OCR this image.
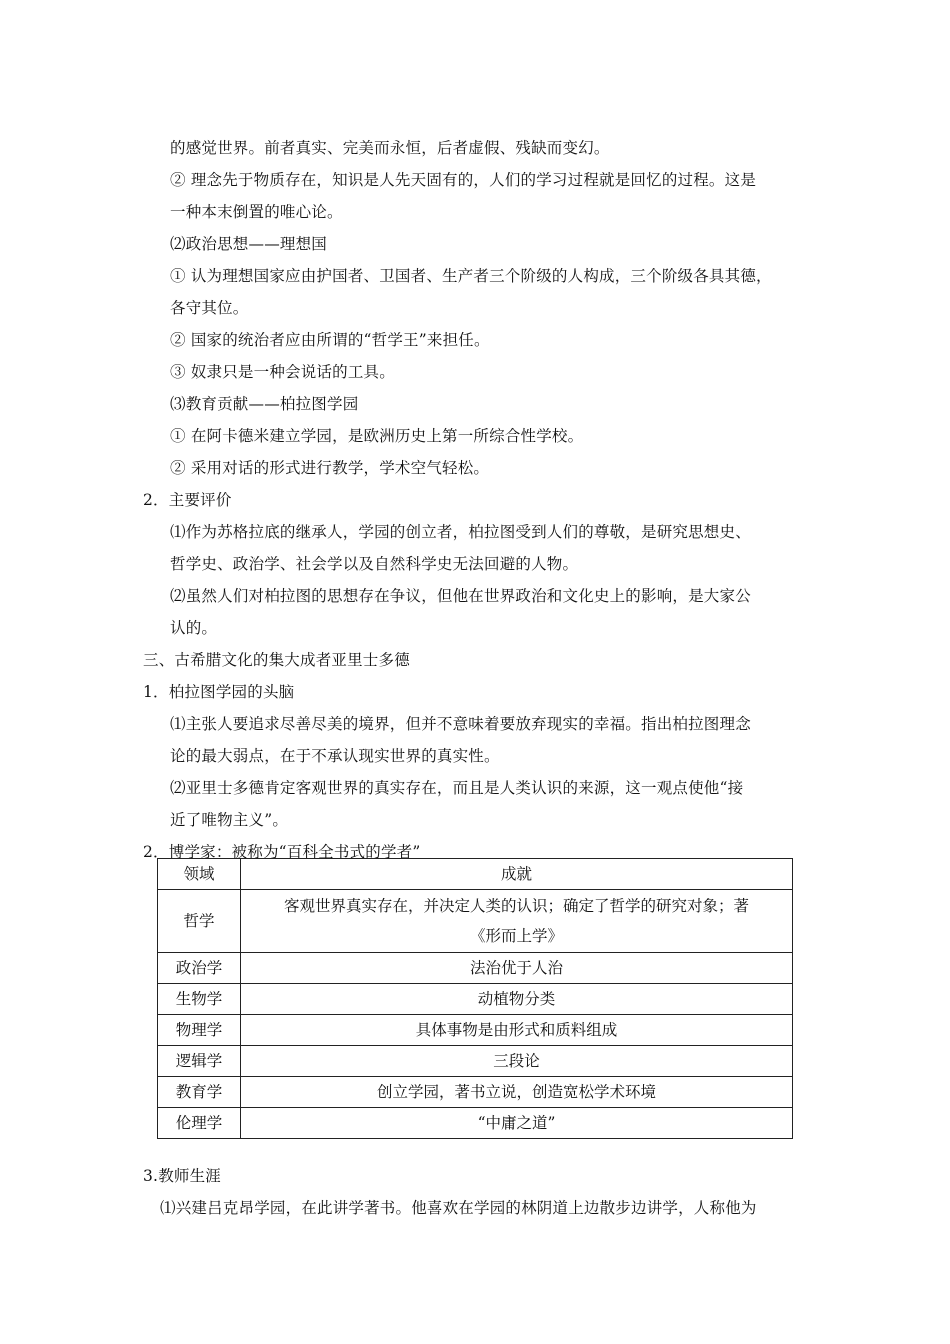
的感觉世界。前者真实、完美而永恒，后者虚假、残缺而变幻。
② 理念先于物质存在，知识是人先天固有的，人们的学习过程就是回忆的过程。这是
一种本末倒置的唯心论。
⑵政治思想——理想国
① 认为理想国家应由护国者、卫国者、生产者三个阶级的人构成，三个阶级各具其德，
各守其位。
② 国家的统治者应由所谓的“哲学王”来担任。
③ 奴隶只是一种会说话的工具。
⑶教育贡献——柏拉图学园
① 在阿卡德米建立学园，是欧洲历史上第一所综合性学校。
② 采用对话的形式进行教学，学术空气轻松。
2．主要评价
⑴作为苏格拉底的继承人，学园的创立者，柏拉图受到人们的尊敬，是研究思想史、
哲学史、政治学、社会学以及自然科学史无法回避的人物。
⑵虽然人们对柏拉图的思想存在争议，但他在世界政治和文化史上的影响，是大家公
认的。
三、古希腊文化的集大成者亚里士多德
1．柏拉图学园的头脑
⑴主张人要追求尽善尽美的境界，但并不意味着要放弃现实的幸福。指出柏拉图理念
论的最大弱点，在于不承认现实世界的真实性。
⑵亚里士多德肯定客观世界的真实存在，而且是人类认识的来源，这一观点使他“接
近了唯物主义”。
2．博学家：被称为“百科全书式的学者”
领域	成就
哲学	客观世界真实存在，并决定人类的认识；确定了哲学的研究对象；著
《形而上学》

政治学	法治优于人治
生物学	动植物分类
物理学	具体事物是由形式和质料组成
逻辑学	三段论
教育学	创立学园，著书立说，创造宽松学术环境
伦理学	“中庸之道”
3.教师生涯
⑴兴建吕克昂学园，在此讲学著书。他喜欢在学园的林阴道上边散步边讲学，人称他为
